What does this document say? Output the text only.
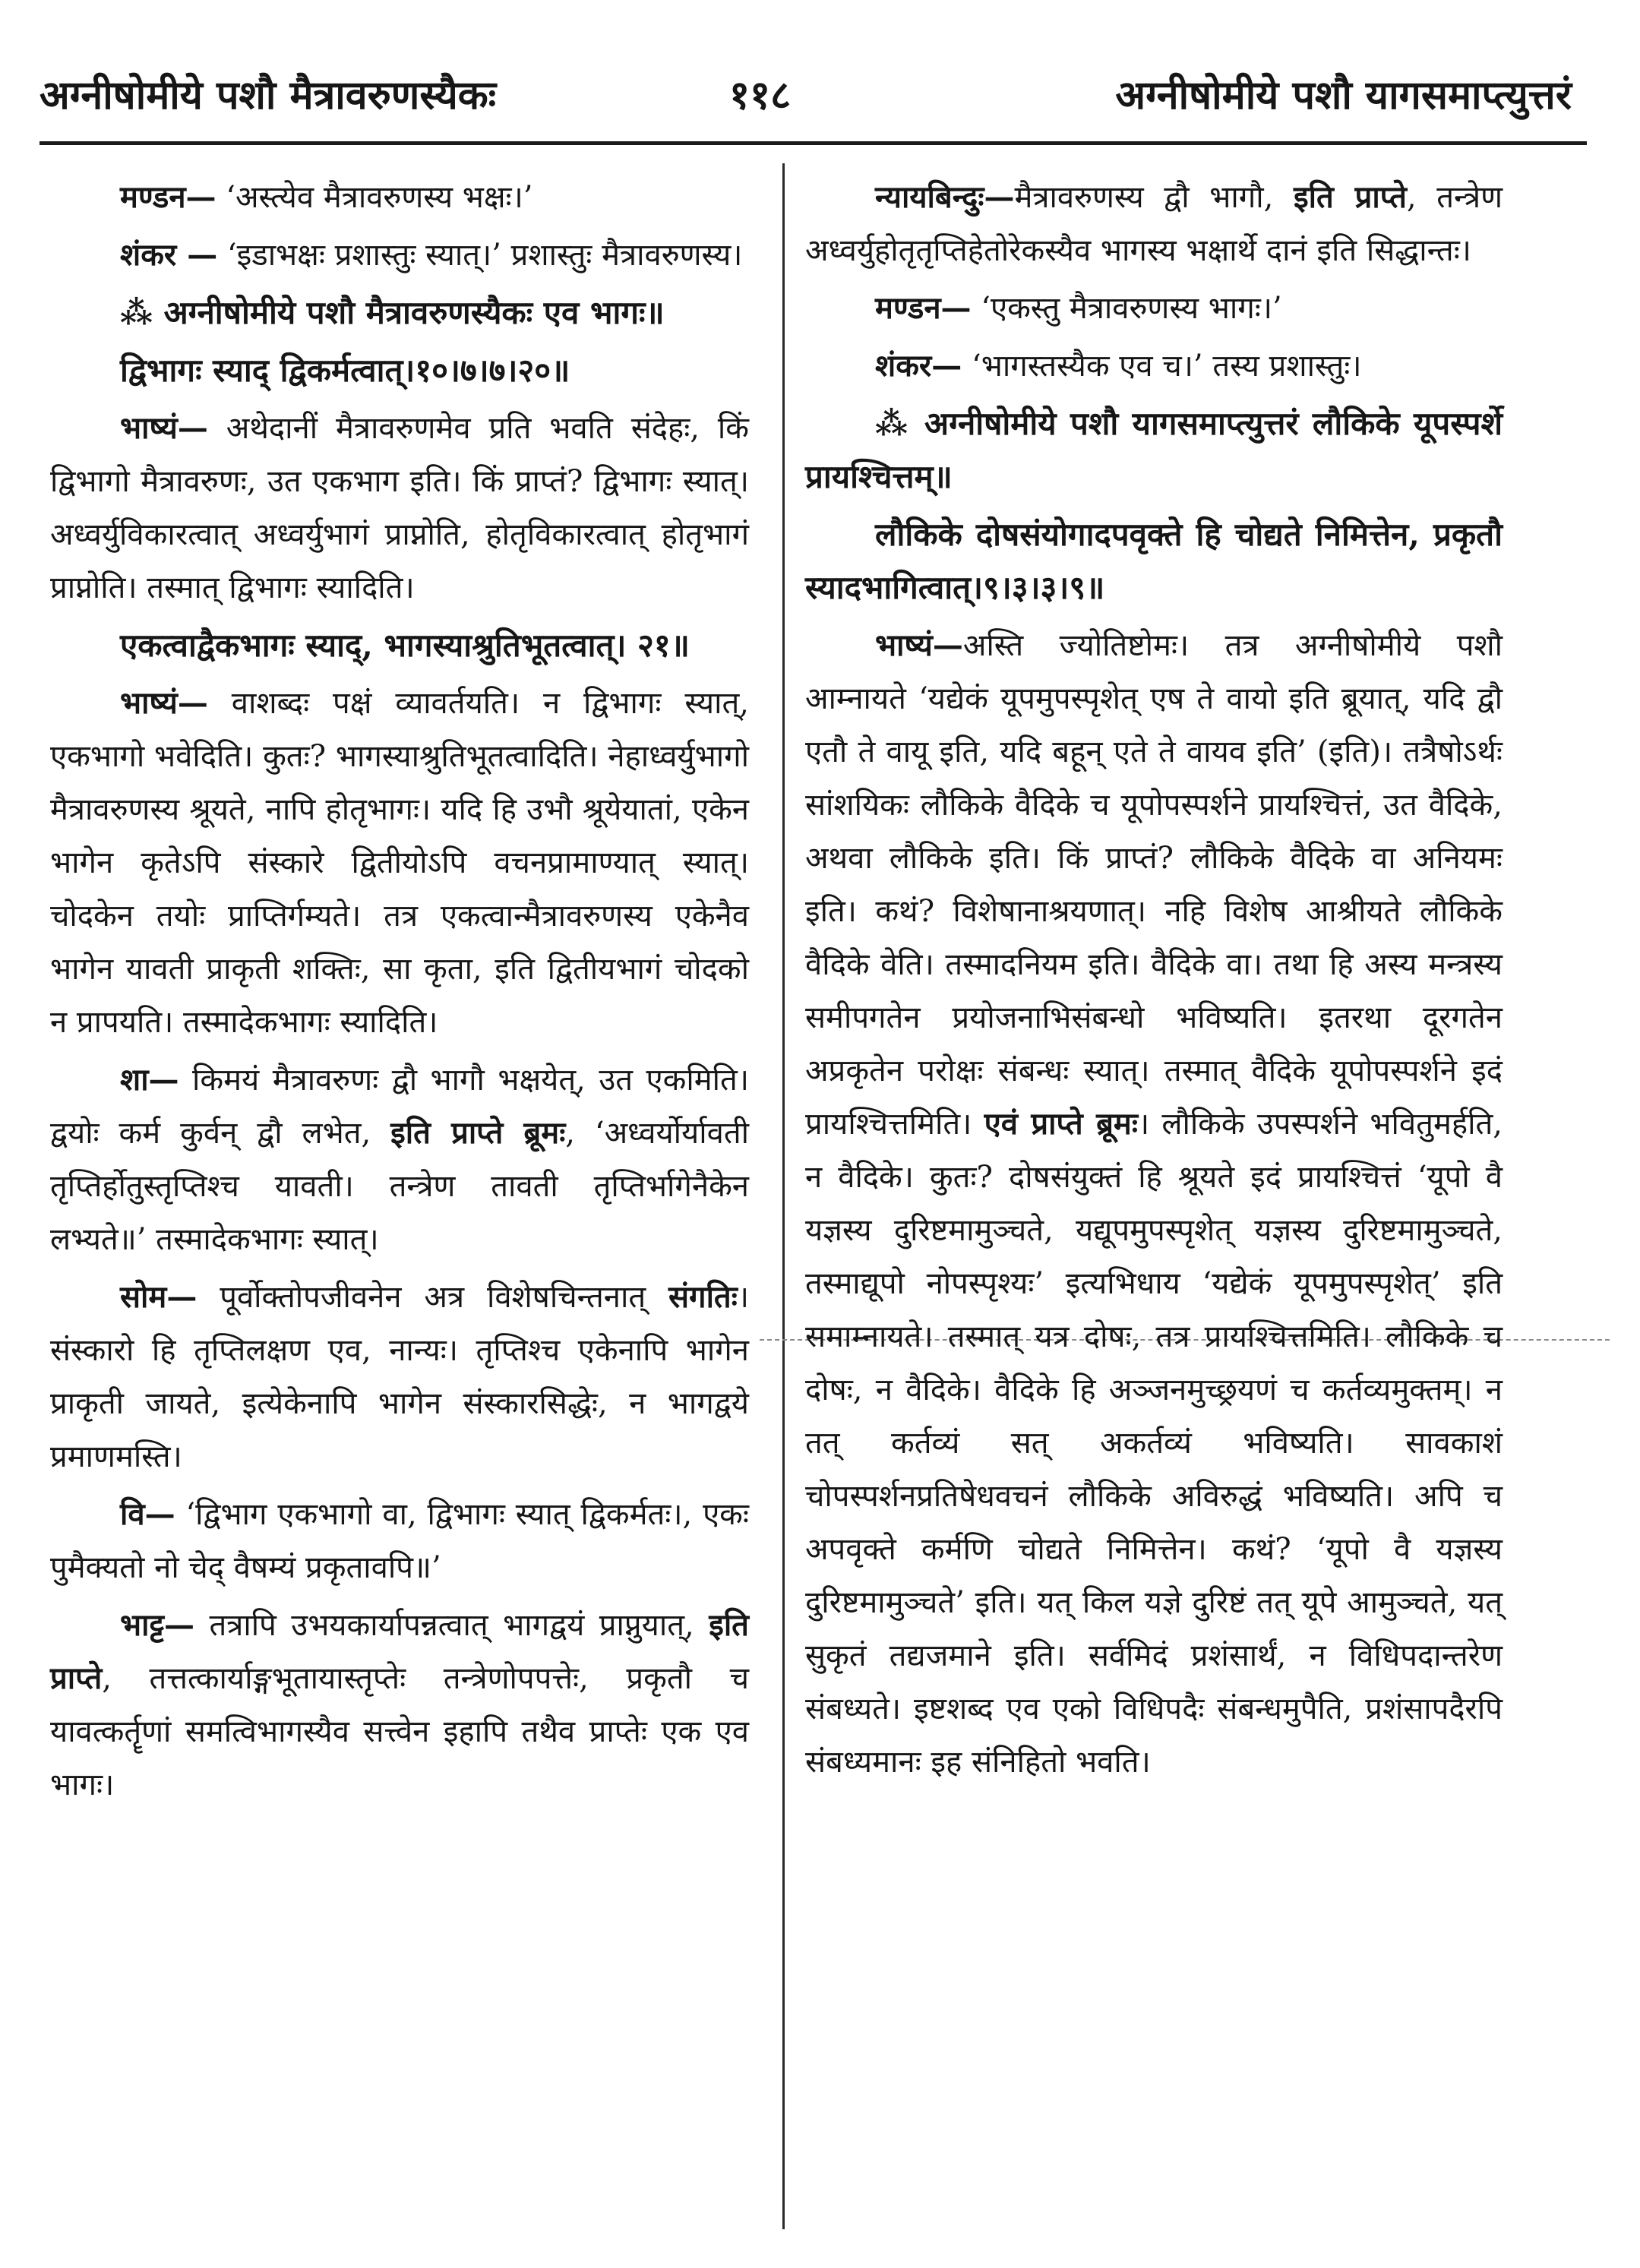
अग्नीषोमीये पशौ मैत्रावरुणस्यैकः	११८	अग्नीषोमीये पशौ यागसमाप्त्युत्तरं

मण्डन— ‘अस्त्येव मैत्रावरुणस्य भक्षः।’

शंकर — ‘इडाभक्षः प्रशास्तुः स्यात्।’ प्रशास्तुः मैत्रावरुणस्य।

⁂ अग्नीषोमीये पशौ मैत्रावरुणस्यैकः एव भागः॥

द्विभागः स्याद् द्विकर्मत्वात्।१०।७।७।२०॥

भाष्यं— अथेदानीं मैत्रावरुणमेव प्रति भवति संदेहः, किं द्विभागो मैत्रावरुणः, उत एकभाग इति। किं प्राप्तं? द्विभागः स्यात्। अध्वर्युविकारत्वात् अध्वर्युभागं प्राप्नोति, होतृविकारत्वात् होतृभागं प्राप्नोति। तस्मात् द्विभागः स्यादिति।

एकत्वाद्वैकभागः स्याद्, भागस्याश्रुतिभूतत्वात्। २१॥

भाष्यं— वाशब्दः पक्षं व्यावर्तयति। न द्विभागः स्यात्, एकभागो भवेदिति। कुतः? भागस्याश्रुतिभूतत्वादिति। नेहाध्वर्युभागो मैत्रावरुणस्य श्रूयते, नापि होतृभागः। यदि हि उभौ श्रूयेयातां, एकेन भागेन कृतेऽपि संस्कारे द्वितीयोऽपि वचनप्रामाण्यात् स्यात्। चोदकेन तयोः प्राप्तिर्गम्यते। तत्र एकत्वान्मैत्रावरुणस्य एकेनैव भागेन यावती प्राकृती शक्तिः, सा कृता, इति द्वितीयभागं चोदको न प्रापयति। तस्मादेकभागः स्यादिति।

शा— किमयं मैत्रावरुणः द्वौ भागौ भक्षयेत्, उत एकमिति। द्वयोः कर्म कुर्वन् द्वौ लभेत, इति प्राप्ते ब्रूमः, ‘अध्वर्योर्यावती तृप्तिर्होतुस्तृप्तिश्च यावती। तन्त्रेण तावती तृप्तिर्भागेनैकेन लभ्यते॥’ तस्मादेकभागः स्यात्।

सोम— पूर्वोक्तोपजीवनेन अत्र विशेषचिन्तनात् संगतिः। संस्कारो हि तृप्तिलक्षण एव, नान्यः। तृप्तिश्च एकेनापि भागेन प्राकृती जायते, इत्येकेनापि भागेन संस्कारसिद्धेः, न भागद्वये प्रमाणमस्ति।

वि— ‘द्विभाग एकभागो वा, द्विभागः स्यात् द्विकर्मतः।, एकः पुमैक्यतो नो चेद् वैषम्यं प्रकृतावपि॥’

भाट्ट— तत्रापि उभयकार्यापन्नत्वात् भागद्वयं प्राप्नुयात्, इति प्राप्ते, तत्तत्कार्याङ्गभूतायास्तृप्तेः तन्त्रेणोपपत्तेः, प्रकृतौ च यावत्कर्तॄणां समत्विभागस्यैव सत्त्वेन इहापि तथैव प्राप्तेः एक एव भागः।

न्यायबिन्दुः—मैत्रावरुणस्य द्वौ भागौ, इति प्राप्ते, तन्त्रेण अध्वर्युहोतृतृप्तिहेतोरेकस्यैव भागस्य भक्षार्थे दानं इति सिद्धान्तः।

मण्डन— ‘एकस्तु मैत्रावरुणस्य भागः।’

शंकर— ‘भागस्तस्यैक एव च।’ तस्य प्रशास्तुः।

⁂ अग्नीषोमीये पशौ यागसमाप्त्युत्तरं लौकिके यूपस्पर्शे प्रायश्चित्तम्॥

लौकिके दोषसंयोगादपवृक्ते हि चोद्यते निमित्तेन, प्रकृतौ स्यादभागित्वात्।९।३।३।९॥

भाष्यं—अस्ति ज्योतिष्टोमः। तत्र अग्नीषोमीये पशौ आम्नायते ‘यद्येकं यूपमुपस्पृशेत् एष ते वायो इति ब्रूयात्, यदि द्वौ एतौ ते वायू इति, यदि बहून् एते ते वायव इति’ (इति)। तत्रैषोऽर्थः सांशयिकः लौकिके वैदिके च यूपोपस्पर्शने प्रायश्चित्तं, उत वैदिके, अथवा लौकिके इति। किं प्राप्तं? लौकिके वैदिके वा अनियमः इति। कथं? विशेषानाश्रयणात्। नहि विशेष आश्रीयते लौकिके वैदिके वेति। तस्मादनियम इति। वैदिके वा। तथा हि अस्य मन्त्रस्य समीपगतेन प्रयोजनाभिसंबन्धो भविष्यति। इतरथा दूरगतेन अप्रकृतेन परोक्षः संबन्धः स्यात्। तस्मात् वैदिके यूपोपस्पर्शने इदं प्रायश्चित्तमिति। एवं प्राप्ते ब्रूमः। लौकिके उपस्पर्शने भवितुमर्हति, न वैदिके। कुतः? दोषसंयुक्तं हि श्रूयते इदं प्रायश्चित्तं ‘यूपो वै यज्ञस्य दुरिष्टमामुञ्चते, यद्यूपमुपस्पृशेत् यज्ञस्य दुरिष्टमामुञ्चते, तस्माद्यूपो नोपस्पृश्यः’ इत्यभिधाय ‘यद्येकं यूपमुपस्पृशेत्’ इति समाम्नायते। तस्मात् यत्र दोषः, तत्र प्रायश्चित्तमिति। लौकिके च दोषः, न वैदिके। वैदिके हि अञ्जनमुच्छ्रयणं च कर्तव्यमुक्तम्। न तत् कर्तव्यं सत् अकर्तव्यं भविष्यति। सावकाशं चोपस्पर्शनप्रतिषेधवचनं लौकिके अविरुद्धं भविष्यति। अपि च अपवृक्ते कर्मणि चोद्यते निमित्तेन। कथं? ‘यूपो वै यज्ञस्य दुरिष्टमामुञ्चते’ इति। यत् किल यज्ञे दुरिष्टं तत् यूपे आमुञ्चते, यत् सुकृतं तद्यजमाने इति। सर्वमिदं प्रशंसार्थं, न विधिपदान्तरेण संबध्यते। इष्टशब्द एव एको विधिपदैः संबन्धमुपैति, प्रशंसापदैरपि संबध्यमानः इह संनिहितो भवति।
